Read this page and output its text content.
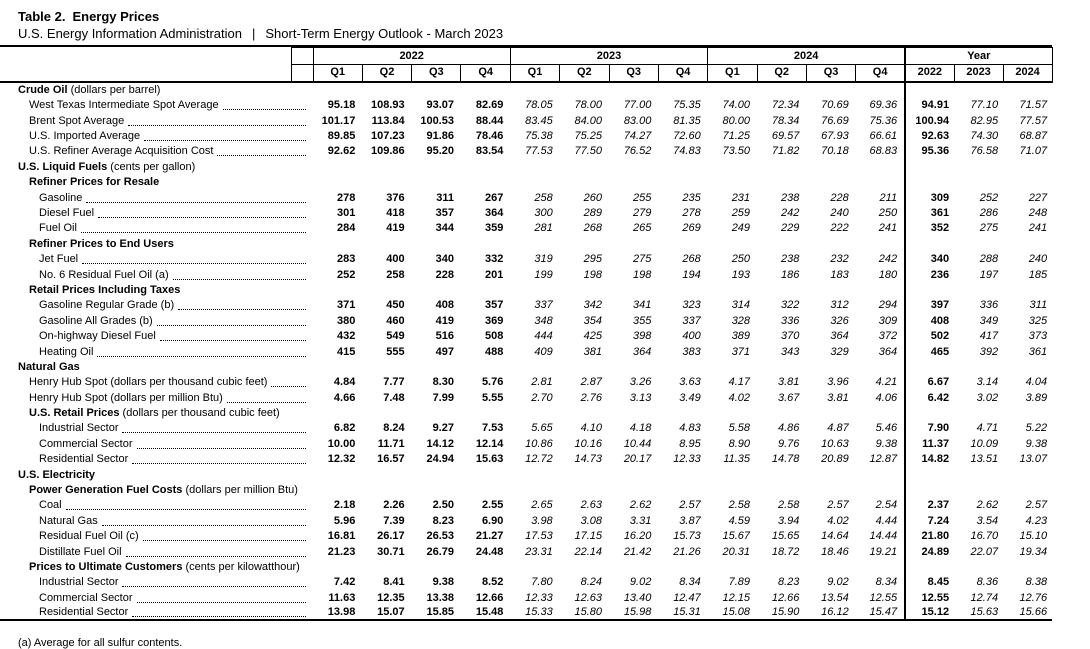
Table 2. Energy Prices
U.S. Energy Information Administration | Short-Term Energy Outlook - March 2023
		2022				2023				2024				Year		
		Q1	Q2	Q3	Q4	Q1	Q2	Q3	Q4	Q1	Q2	Q3	Q4	2022	2023	2024
Crude Oil (dollars per barrel)																

West Texas Intermediate Spot Average		95.18	108.93	93.07	82.69	78.05	78.00	77.00	75.35	74.00	72.34	70.69	69.36	94.91	77.10	71.57

Brent Spot Average		101.17	113.84	100.53	88.44	83.45	84.00	83.00	81.35	80.00	78.34	76.69	75.36	100.94	82.95	77.57

U.S. Imported Average		89.85	107.23	91.86	78.46	75.38	75.25	74.27	72.60	71.25	69.57	67.93	66.61	92.63	74.30	68.87

U.S. Refiner Average Acquisition Cost		92.62	109.86	95.20	83.54	77.53	77.50	76.52	74.83	73.50	71.82	70.18	68.83	95.36	76.58	71.07
U.S. Liquid Fuels (cents per gallon)																
Refiner Prices for Resale																

Gasoline		278	376	311	267	258	260	255	235	231	238	228	211	309	252	227

Diesel Fuel		301	418	357	364	300	289	279	278	259	242	240	250	361	286	248

Fuel Oil		284	419	344	359	281	268	265	269	249	229	222	241	352	275	241
Refiner Prices to End Users																

Jet Fuel		283	400	340	332	319	295	275	268	250	238	232	242	340	288	240

No. 6 Residual Fuel Oil (a)		252	258	228	201	199	198	198	194	193	186	183	180	236	197	185
Retail Prices Including Taxes																

Gasoline Regular Grade (b)		371	450	408	357	337	342	341	323	314	322	312	294	397	336	311

Gasoline All Grades (b)		380	460	419	369	348	354	355	337	328	336	326	309	408	349	325

On-highway Diesel Fuel		432	549	516	508	444	425	398	400	389	370	364	372	502	417	373

Heating Oil		415	555	497	488	409	381	364	383	371	343	329	364	465	392	361
Natural Gas																

Henry Hub Spot (dollars per thousand cubic feet)		4.84	7.77	8.30	5.76	2.81	2.87	3.26	3.63	4.17	3.81	3.96	4.21	6.67	3.14	4.04

Henry Hub Spot (dollars per million Btu)		4.66	7.48	7.99	5.55	2.70	2.76	3.13	3.49	4.02	3.67	3.81	4.06	6.42	3.02	3.89
U.S. Retail Prices (dollars per thousand cubic feet)																

Industrial Sector		6.82	8.24	9.27	7.53	5.65	4.10	4.18	4.83	5.58	4.86	4.87	5.46	7.90	4.71	5.22

Commercial Sector		10.00	11.71	14.12	12.14	10.86	10.16	10.44	8.95	8.90	9.76	10.63	9.38	11.37	10.09	9.38

Residential Sector		12.32	16.57	24.94	15.63	12.72	14.73	20.17	12.33	11.35	14.78	20.89	12.87	14.82	13.51	13.07
U.S. Electricity																
Power Generation Fuel Costs (dollars per million Btu)																

Coal		2.18	2.26	2.50	2.55	2.65	2.63	2.62	2.57	2.58	2.58	2.57	2.54	2.37	2.62	2.57

Natural Gas		5.96	7.39	8.23	6.90	3.98	3.08	3.31	3.87	4.59	3.94	4.02	4.44	7.24	3.54	4.23

Residual Fuel Oil (c)		16.81	26.17	26.53	21.27	17.53	17.15	16.20	15.73	15.67	15.65	14.64	14.44	21.80	16.70	15.10

Distillate Fuel Oil		21.23	30.71	26.79	24.48	23.31	22.14	21.42	21.26	20.31	18.72	18.46	19.21	24.89	22.07	19.34
Prices to Ultimate Customers (cents per kilowatthour)																

Industrial Sector		7.42	8.41	9.38	8.52	7.80	8.24	9.02	8.34	7.89	8.23	9.02	8.34	8.45	8.36	8.38

Commercial Sector		11.63	12.35	13.38	12.66	12.33	12.63	13.40	12.47	12.15	12.66	13.54	12.55	12.55	12.74	12.76

Residential Sector		13.98	15.07	15.85	15.48	15.33	15.80	15.98	15.31	15.08	15.90	16.12	15.47	15.12	15.63	15.66
(a) Average for all sulfur contents.
